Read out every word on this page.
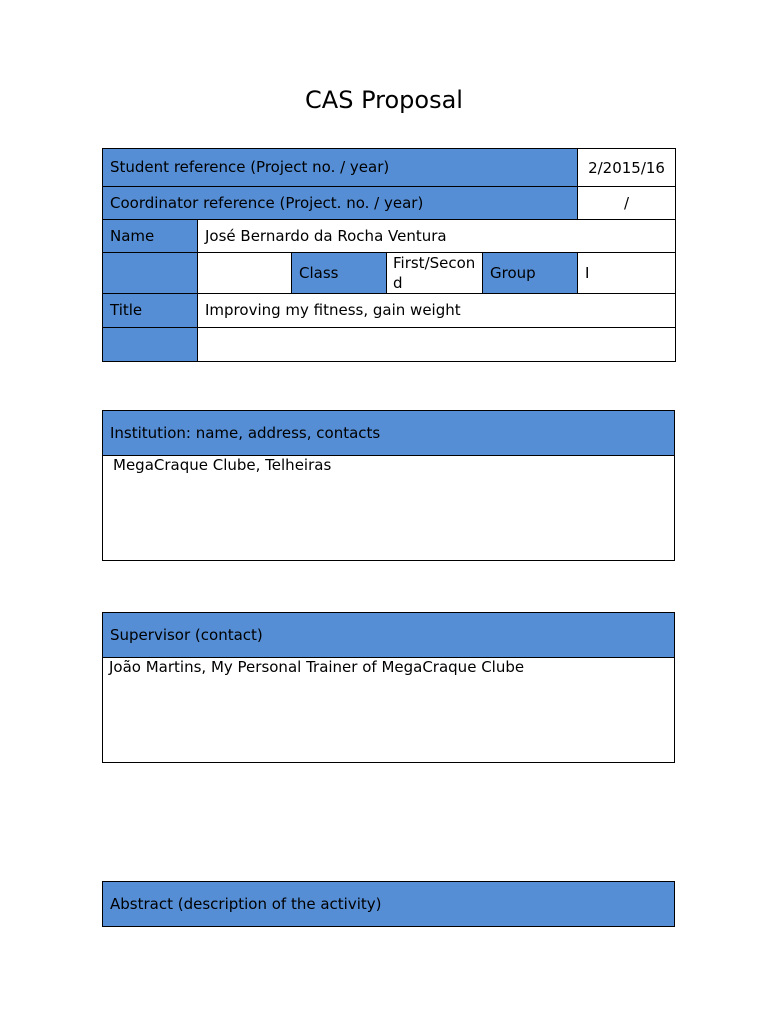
CAS Proposal
Student reference (Project no. / year)					2/2015/16
Coordinator reference (Project. no. / year)					/
Name	José Bernardo da Rocha Ventura				
		Class	First/Second	Group	I
Title	Improving my fitness, gain weight				

Institution: name, address, contacts
MegaCraque Clube, Telheiras
Supervisor (contact)
João Martins, My Personal Trainer of MegaCraque Clube
Abstract (description of the activity)
